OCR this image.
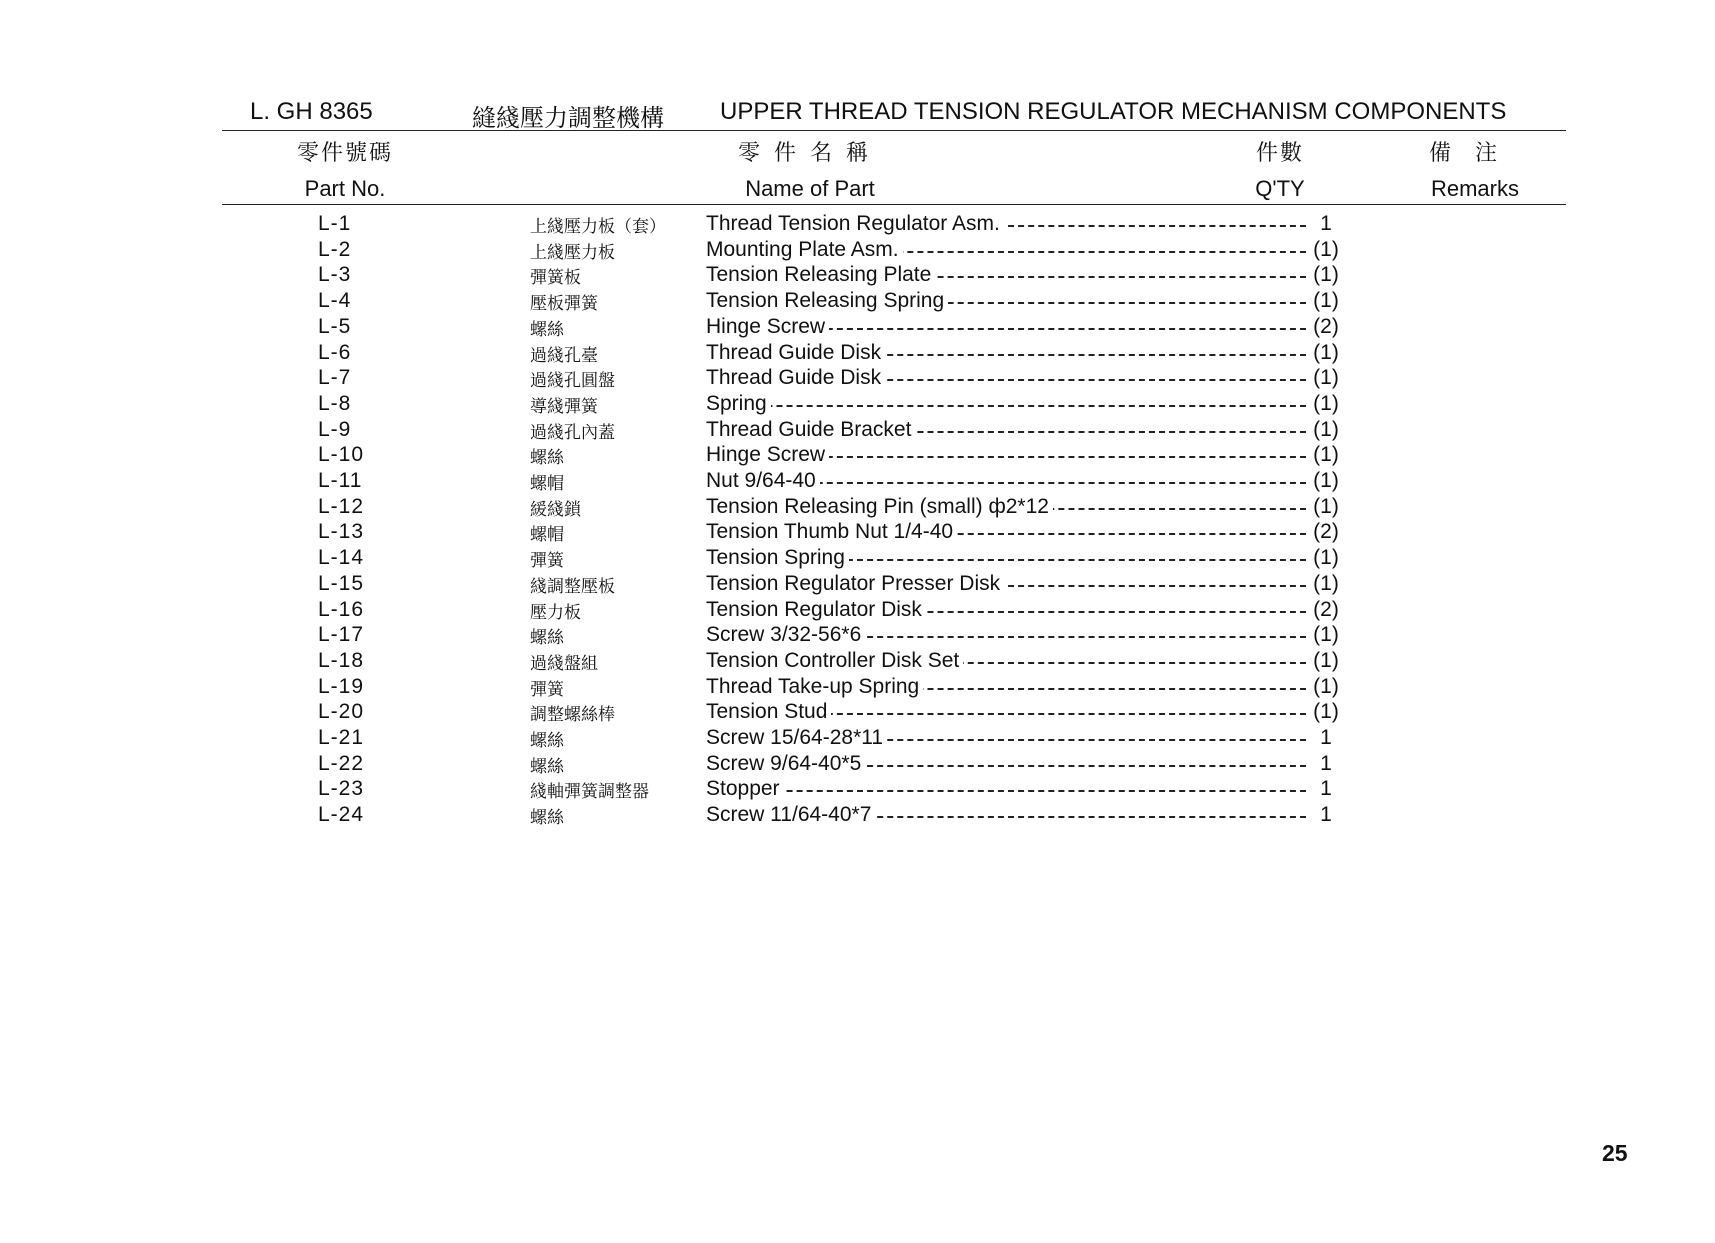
L. GH 8365	縫綫壓力調整機構 UPPER THREAD TENSION REGULATOR MECHANISM COMPONENTS
零件號碼	零件名稱	件數	備注
Part No.	Name of Part	Q'TY	Remarks
L-1	上綫壓力板（套）	Thread Tension Regulator Asm.	1
L-2	上綫壓力板	Mounting Plate Asm.	(1)
L-3	彈簧板	Tension Releasing Plate	(1)
L-4	壓板彈簧	Tension Releasing Spring	(1)
L-5	螺絲	Hinge Screw	(2)
L-6	過綫孔臺	Thread Guide Disk	(1)
L-7	過綫孔圓盤	Thread Guide Disk	(1)
L-8	導綫彈簧	Spring	(1)
L-9	過綫孔內蓋	Thread Guide Bracket	(1)
L-10	螺絲	Hinge Screw	(1)
L-11	螺帽	Nut 9/64-40	(1)
L-12	緩綫鎖	Tension Releasing Pin (small) ф2*12	(1)
L-13	螺帽	Tension Thumb Nut 1/4-40	(2)
L-14	彈簧	Tension Spring	(1)
L-15	綫調整壓板	Tension Regulator Presser Disk	(1)
L-16	壓力板	Tension Regulator Disk	(2)
L-17	螺絲	Screw 3/32-56*6	(1)
L-18	過綫盤組	Tension Controller Disk Set	(1)
L-19	彈簧	Thread Take-up Spring	(1)
L-20	調整螺絲棒	Tension Stud	(1)
L-21	螺絲	Screw 15/64-28*11	1
L-22	螺絲	Screw 9/64-40*5	1
L-23	綫軸彈簧調整器	Stopper	1
L-24	螺絲	Screw 11/64-40*7	1
25
